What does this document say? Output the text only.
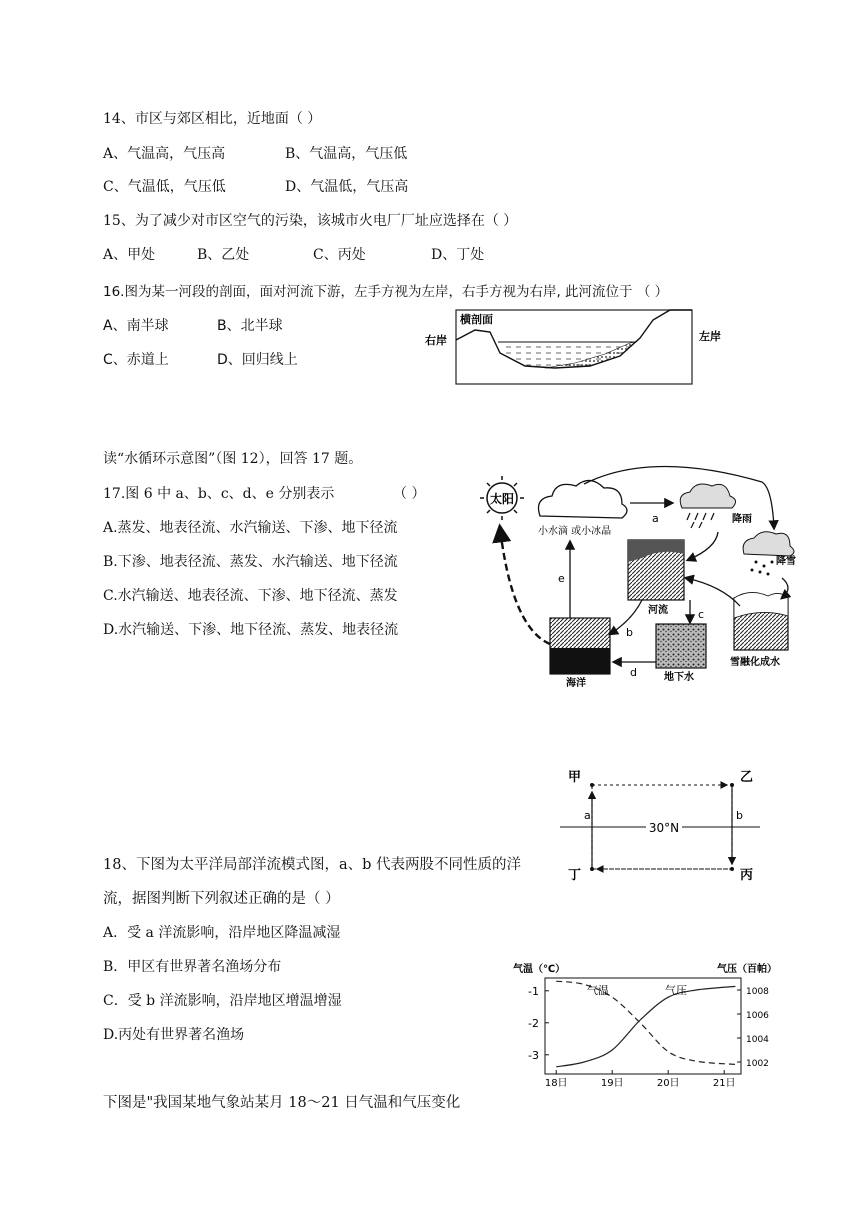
14、市区与郊区相比，近地面（ ）
A、气温高，气压高	B、气温高，气压低
C、气温低，气压低	D、气温低，气压高
15、为了减少对市区空气的污染，该城市火电厂厂址应选择在（ ）
A、甲处	B、乙处	C、丙处	D、丁处
16.图为某一河段的剖面，面对河流下游，左手方视为左岸，右手方视为右岸, 此河流位于 （ ）
A、南半球	B、北半球
C、赤道上	D、回归线上
横剖面
右岸	左岸
读“水循环示意图”（图 12），回答 17 题。
17.图 6 中 a、b、c、d、e 分别表示	（ ）
A.蒸发、地表径流、水汽输送、下渗、地下径流
B.下渗、地表径流、蒸发、水汽输送、地下径流
C.水汽输送、地表径流、下渗、地下径流、蒸发
D.水汽输送、下渗、地下径流、蒸发、地表径流
太阳
小水滴 或小冰晶
降雨
降雪
河流
雪融化成水
地下水
海洋
a
e
b
c
d
30°N
甲	乙
丁	丙
a	b
18、下图为太平洋局部洋流模式图，a、b 代表两股不同性质的洋
流，据图判断下列叙述正确的是（ ）
A．受 a 洋流影响，沿岸地区降温减湿
B．甲区有世界著名渔场分布
C．受 b 洋流影响，沿岸地区增温增湿
D.丙处有世界著名渔场
气温（℃）	气压（百帕）
18日	19日	20日	21日
-1
-2
-3
1008
1006
1004
1002
气温	气压
下图是"我国某地气象站某月 18～21 日气温和气压变化
